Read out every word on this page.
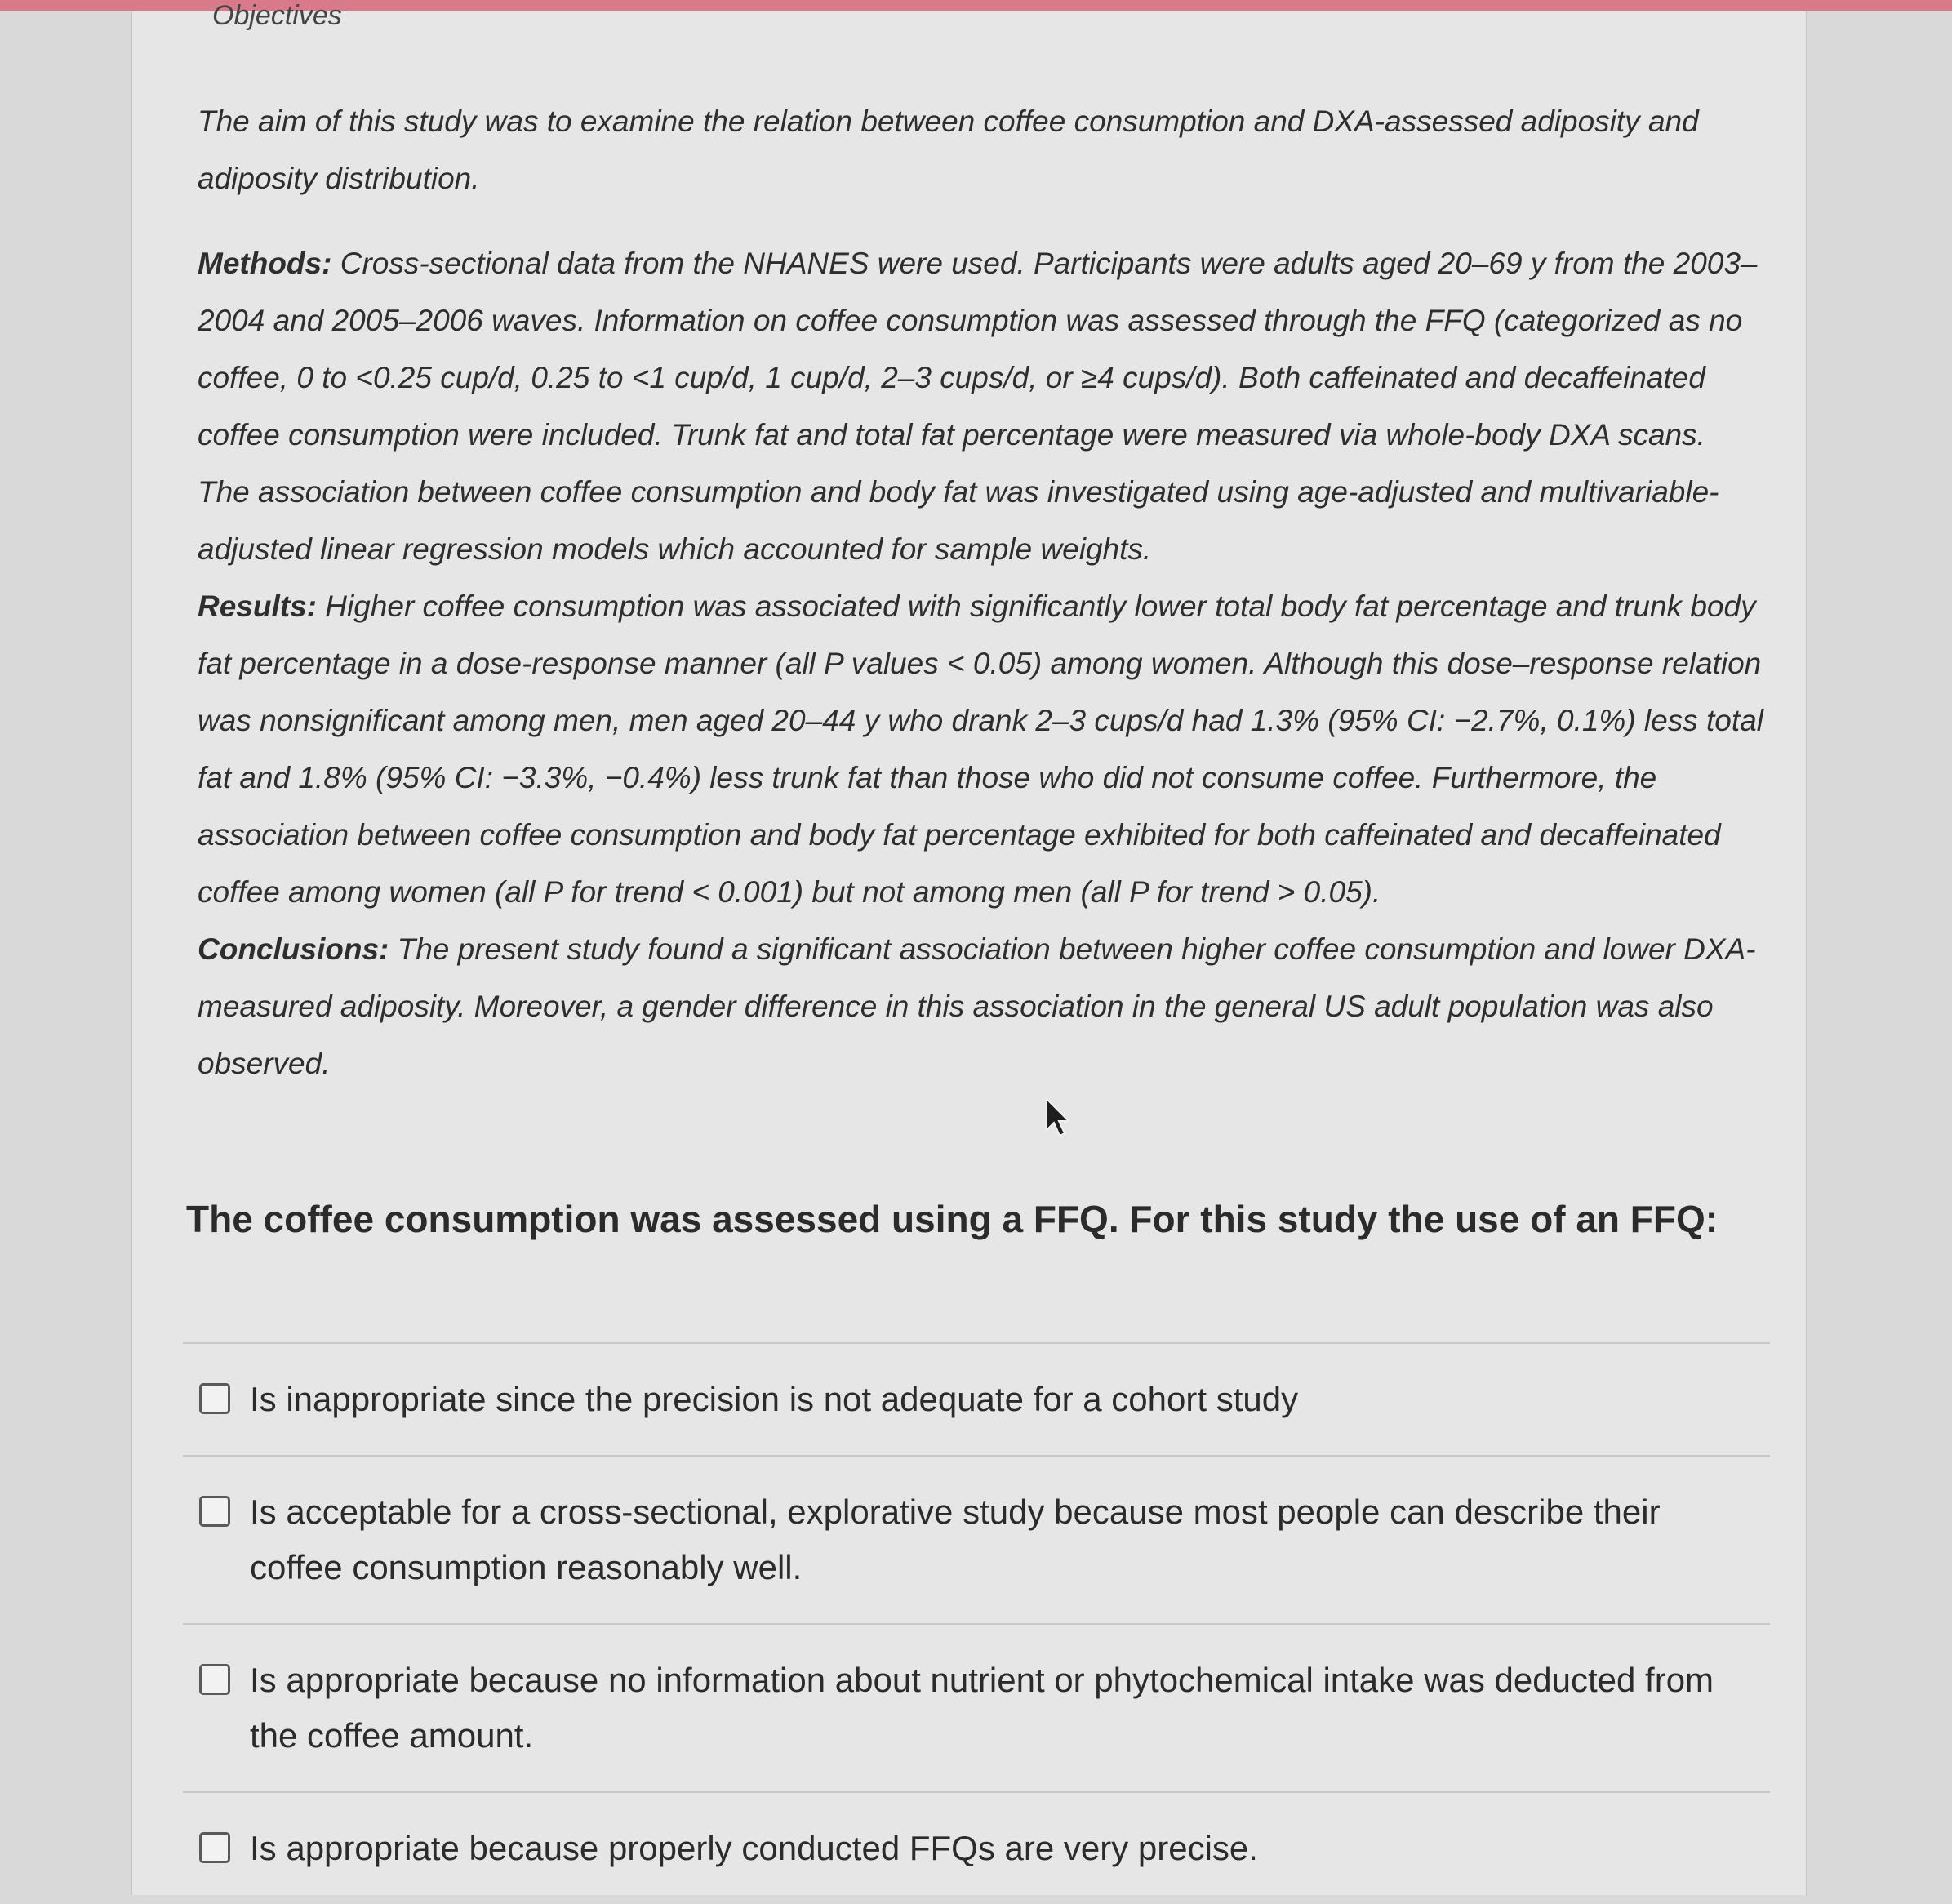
Objectives

The aim of this study was to examine the relation between coffee consumption and DXA-assessed adiposity and adiposity distribution.

Methods: Cross-sectional data from the NHANES were used. Participants were adults aged 20–69 y from the 2003–2004 and 2005–2006 waves. Information on coffee consumption was assessed through the FFQ (categorized as no coffee, 0 to <0.25 cup/d, 0.25 to <1 cup/d, 1 cup/d, 2–3 cups/d, or ≥4 cups/d). Both caffeinated and decaffeinated coffee consumption were included. Trunk fat and total fat percentage were measured via whole-body DXA scans. The association between coffee consumption and body fat was investigated using age-adjusted and multivariable-adjusted linear regression models which accounted for sample weights.

Results: Higher coffee consumption was associated with significantly lower total body fat percentage and trunk body fat percentage in a dose-response manner (all P values < 0.05) among women. Although this dose–response relation was nonsignificant among men, men aged 20–44 y who drank 2–3 cups/d had 1.3% (95% CI: −2.7%, 0.1%) less total fat and 1.8% (95% CI: −3.3%, −0.4%) less trunk fat than those who did not consume coffee. Furthermore, the association between coffee consumption and body fat percentage exhibited for both caffeinated and decaffeinated coffee among women (all P for trend < 0.001) but not among men (all P for trend > 0.05).

Conclusions: The present study found a significant association between higher coffee consumption and lower DXA-measured adiposity. Moreover, a gender difference in this association in the general US adult population was also observed.

The coffee consumption was assessed using a FFQ. For this study the use of an FFQ:

Is inappropriate since the precision is not adequate for a cohort study
Is acceptable for a cross-sectional, explorative study because most people can describe their coffee consumption reasonably well.
Is appropriate because no information about nutrient or phytochemical intake was deducted from the coffee amount.
Is appropriate because properly conducted FFQs are very precise.
